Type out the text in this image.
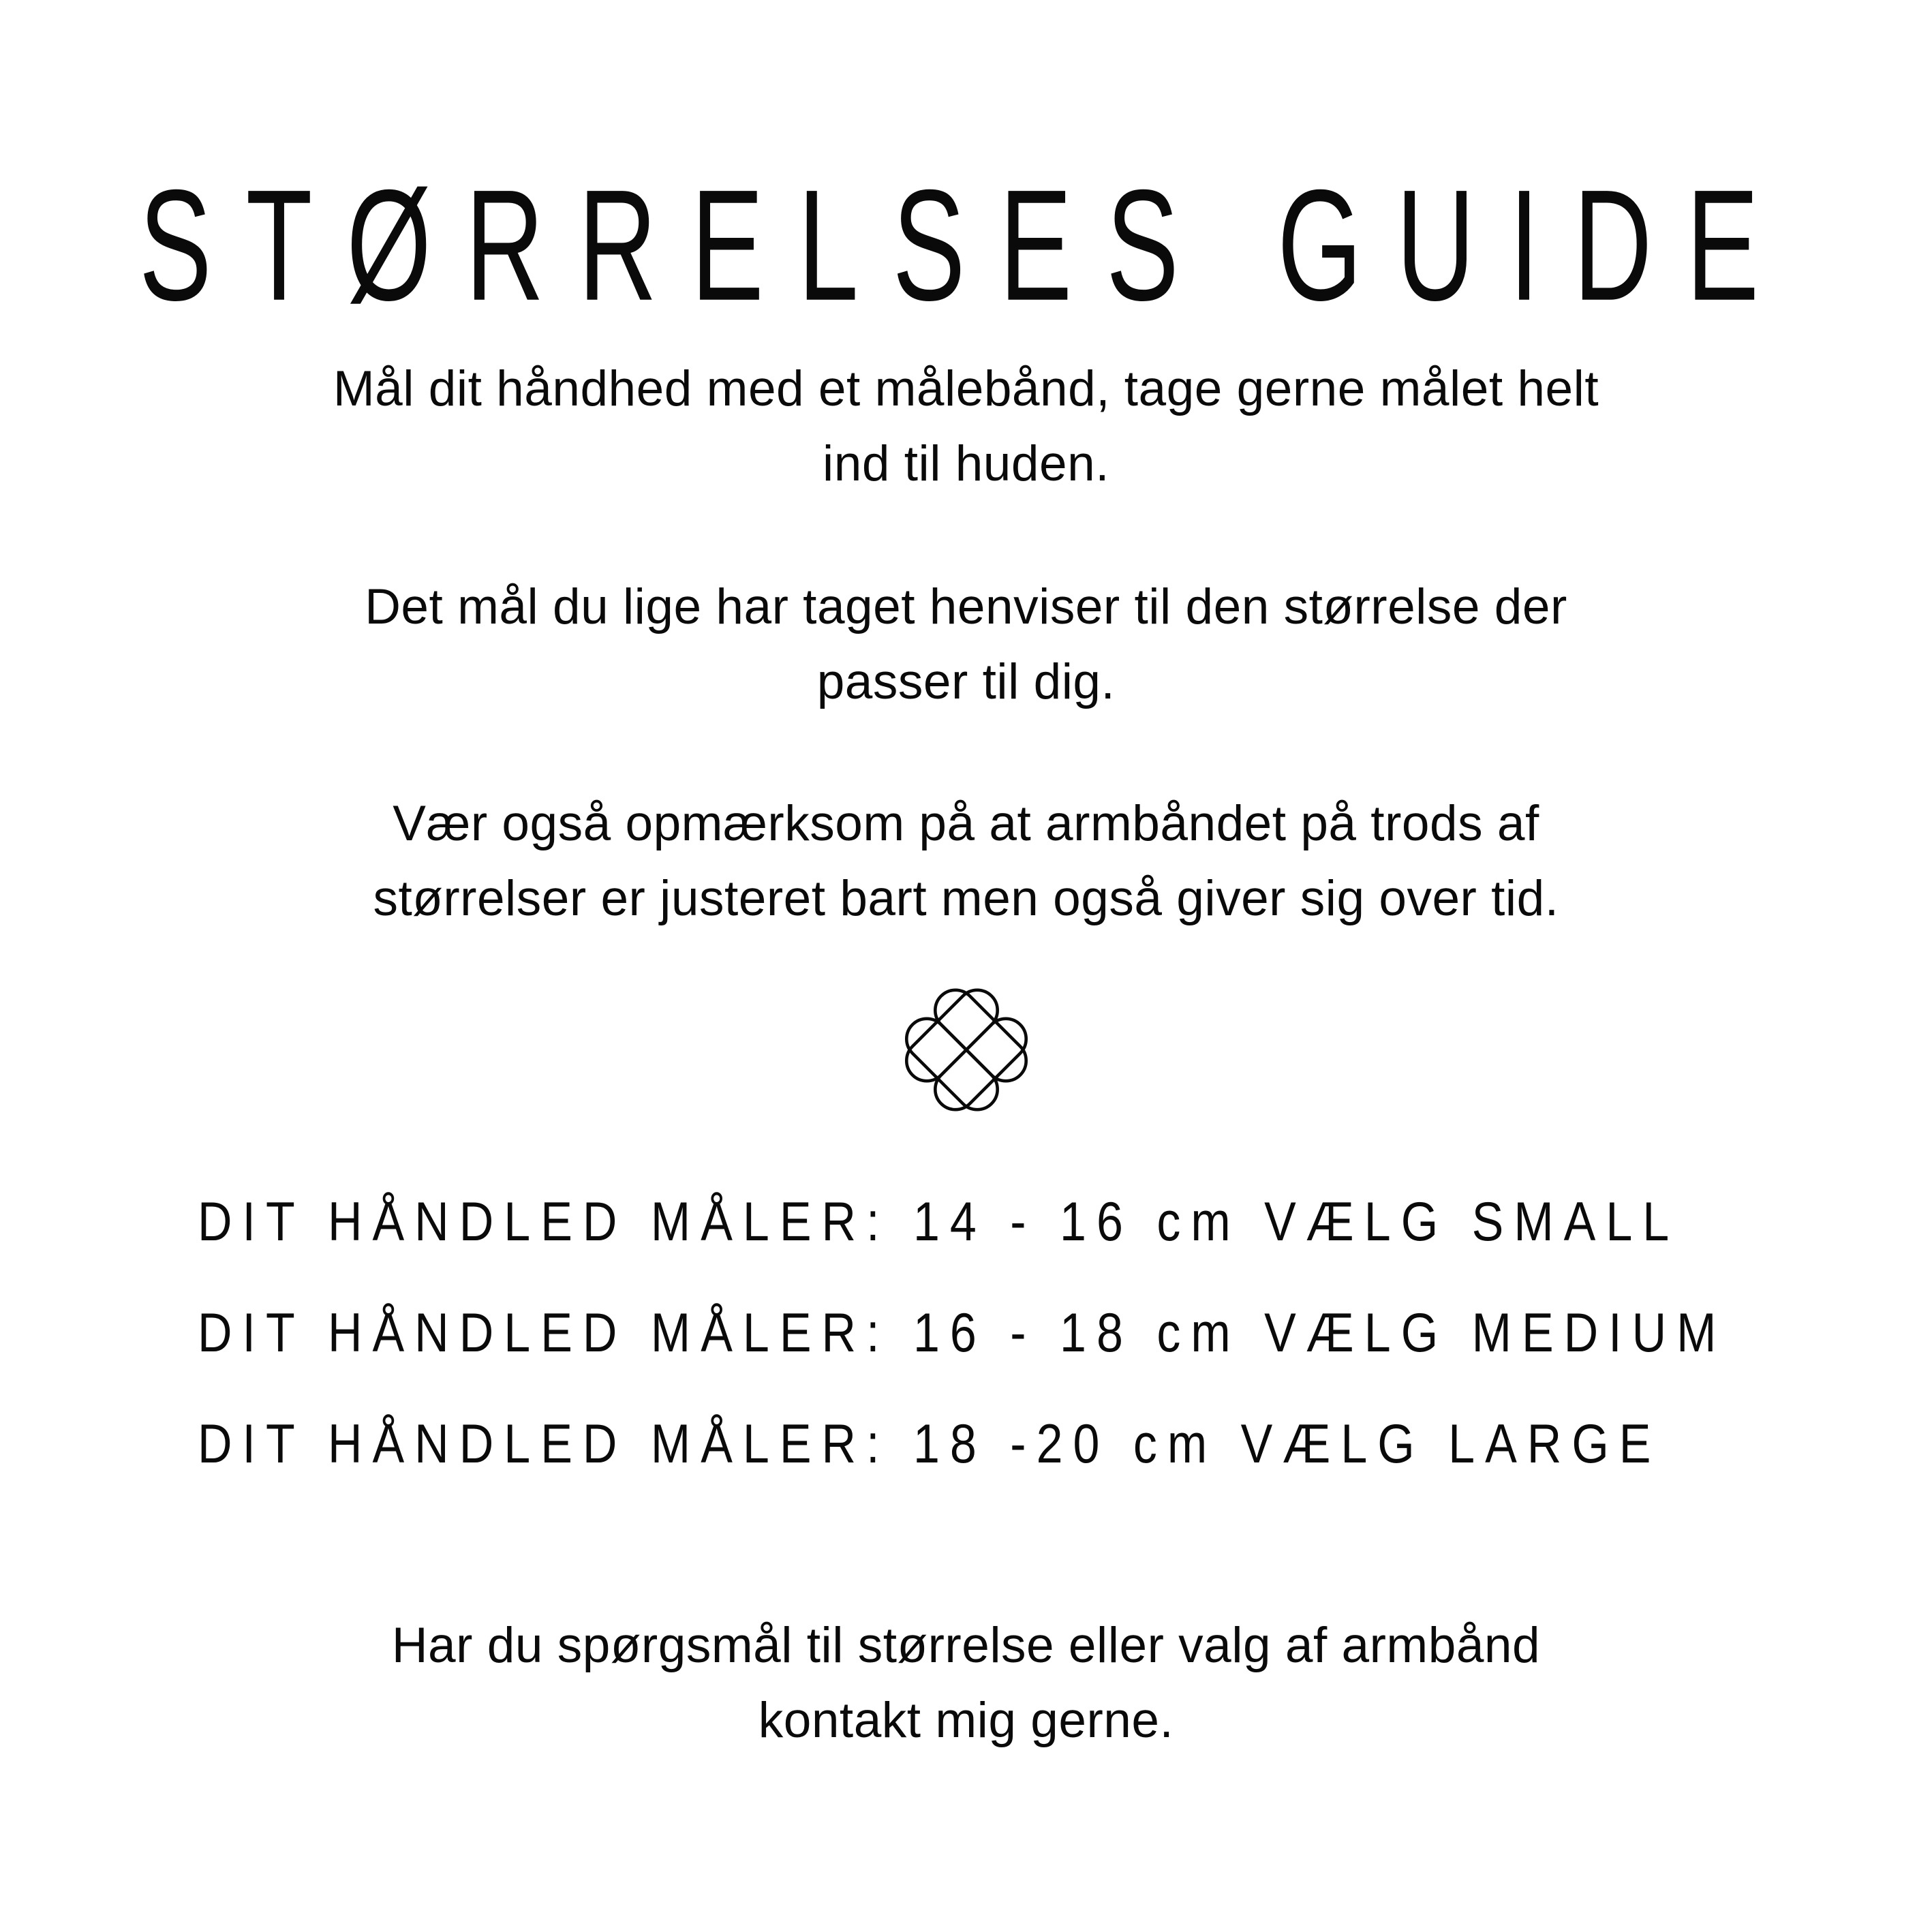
STØRRELSES GUIDE
Mål dit håndhed med et målebånd, tage gerne målet helt
ind til huden.
Det mål du lige har taget henviser til den størrelse der
passer til dig.
Vær også opmærksom på at armbåndet på trods af
størrelser er justeret bart men også giver sig over tid.
DIT HÅNDLED MÅLER: 14 - 16 cm VÆLG SMALL
DIT HÅNDLED MÅLER: 16 - 18 cm VÆLG MEDIUM
DIT HÅNDLED MÅLER: 18 -20 cm VÆLG LARGE
Har du spørgsmål til størrelse eller valg af armbånd
kontakt mig gerne.
